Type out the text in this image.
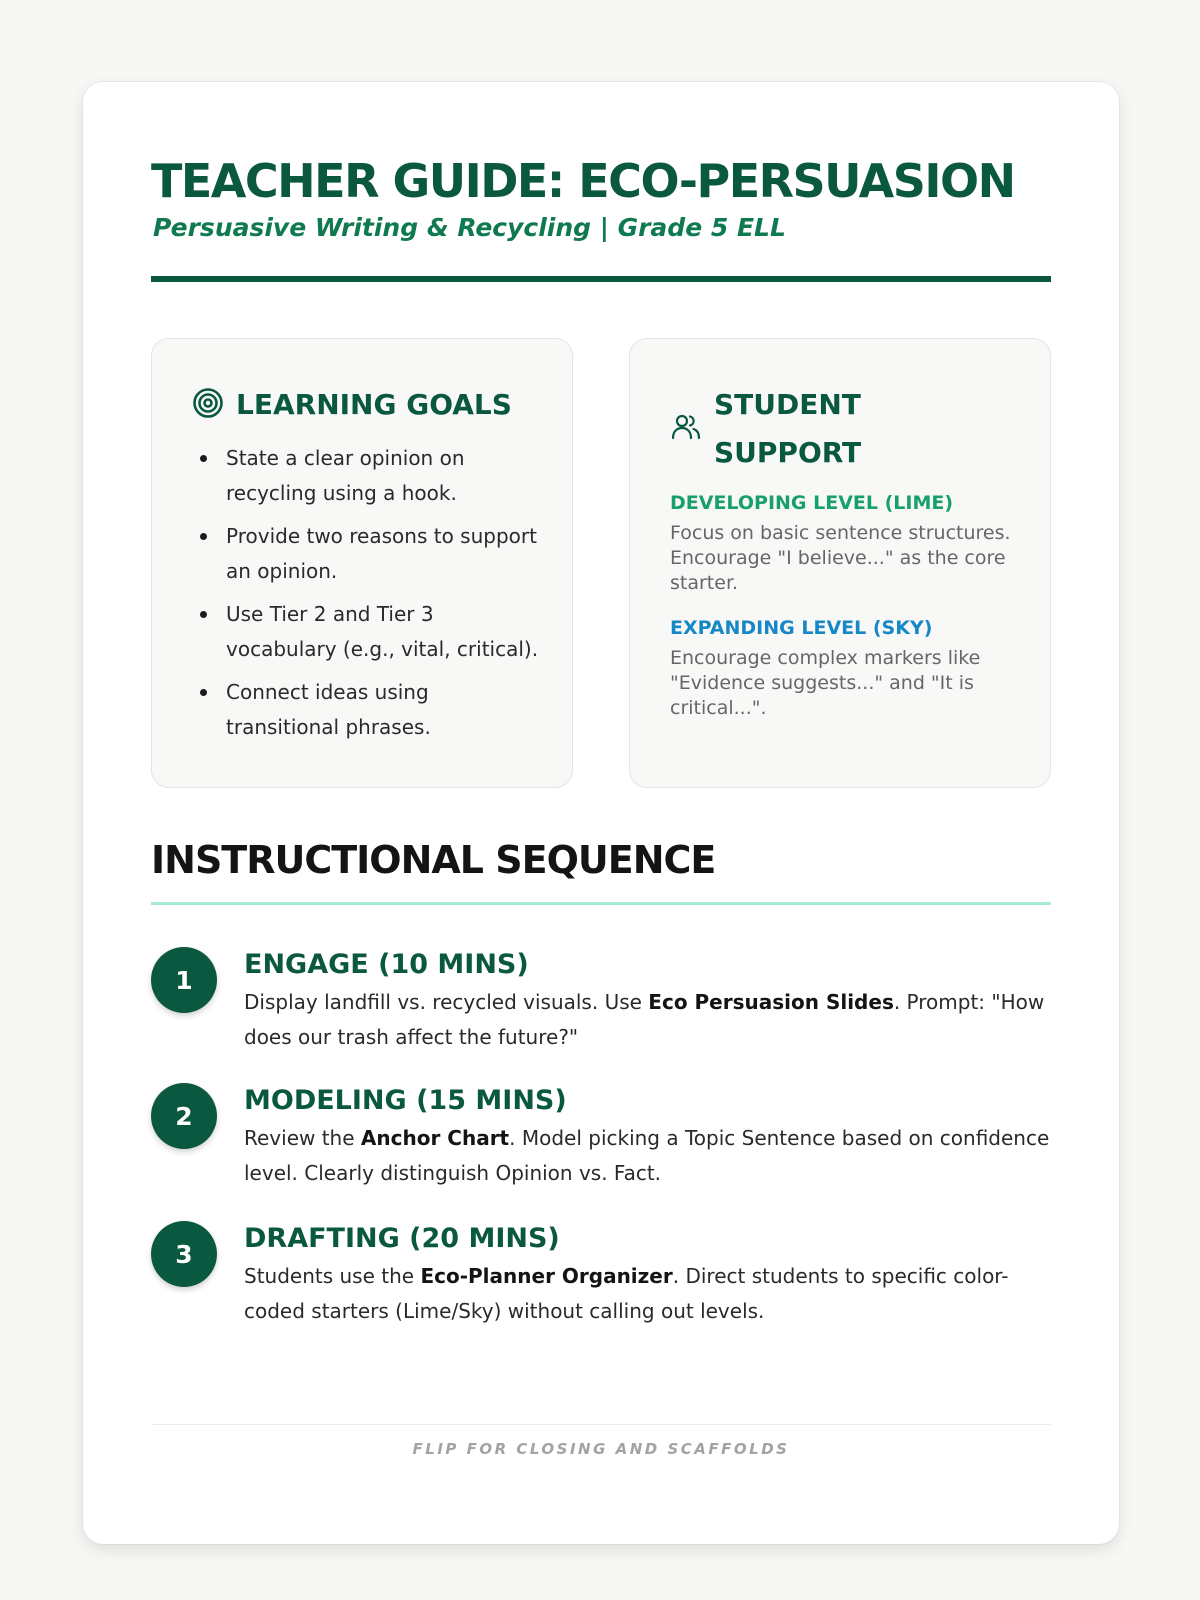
TEACHER GUIDE: ECO-PERSUASION
Persuasive Writing & Recycling | Grade 5 ELL
LEARNING GOALS
State a clear opinion on recycling using a hook.
Provide two reasons to support an opinion.
Use Tier 2 and Tier 3 vocabulary (e.g., vital, critical).
Connect ideas using transitional phrases.
STUDENT
SUPPORT
DEVELOPING LEVEL (LIME)
Focus on basic sentence structures. Encourage "I believe..." as the core starter.
EXPANDING LEVEL (SKY)
Encourage complex markers like "Evidence suggests..." and "It is critical...".
INSTRUCTIONAL SEQUENCE
1	ENGAGE (10 MINS)
Display landfill vs. recycled visuals. Use Eco Persuasion Slides. Prompt: "How does our trash affect the future?"
2	MODELING (15 MINS)
Review the Anchor Chart. Model picking a Topic Sentence based on confidence level. Clearly distinguish Opinion vs. Fact.
3	DRAFTING (20 MINS)
Students use the Eco-Planner Organizer. Direct students to specific color-coded starters (Lime/Sky) without calling out levels.
FLIP FOR CLOSING AND SCAFFOLDS
